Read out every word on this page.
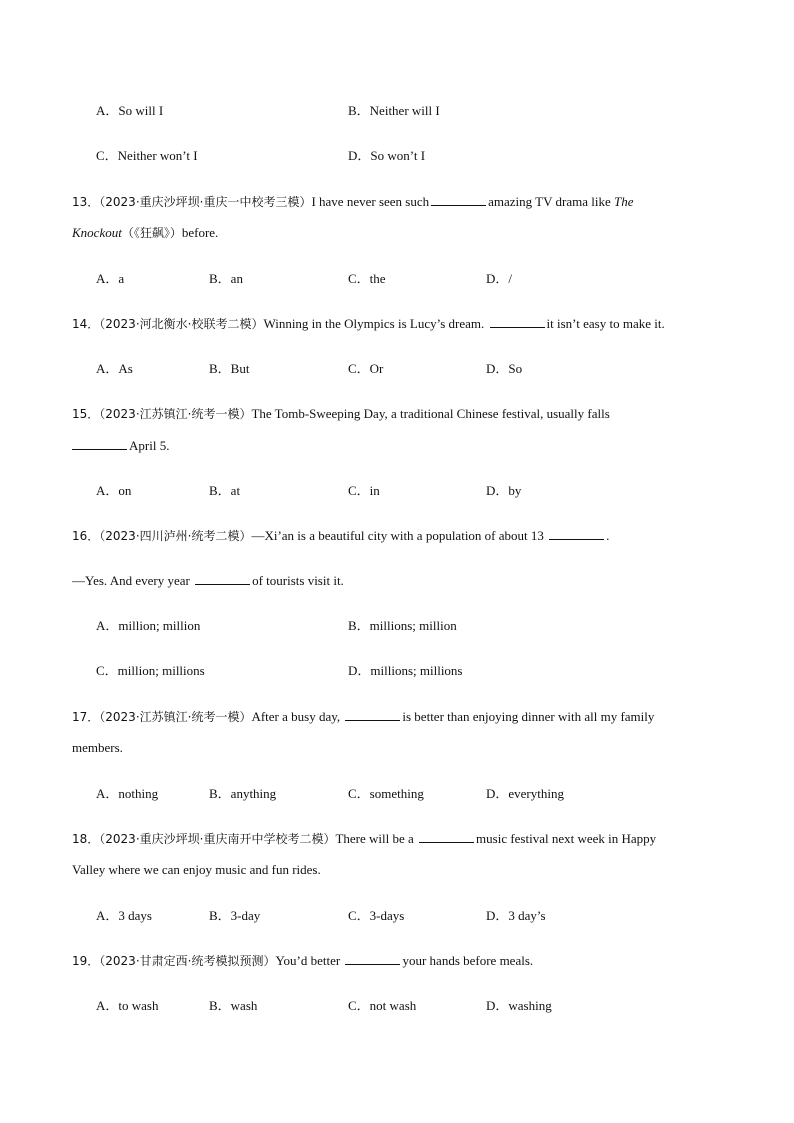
A．So will I	B．Neither will I
C．Neither won’t I	D．So won’t I
13．（2023·重庆沙坪坝·重庆一中校考三模）I have never seen such	amazing TV drama like The
Knockout（《狂飙》）before.
A．a	B．an	C．the	D．/
14．（2023·河北衡水·校联考二模）Winning in the Olympics is Lucy’s dream.	it isn’t easy to make it.
A．As	B．But	C．Or	D．So
15．（2023·江苏镇江·统考一模）The Tomb-Sweeping Day, a traditional Chinese festival, usually falls
April 5.
A．on	B．at	C．in	D．by
16．（2023·四川泸州·统考二模）—Xi’an is a beautiful city with a population of about 13	.
—Yes. And every year	of tourists visit it.
A．million; million	B．millions; million
C．million; millions	D．millions; millions
17．（2023·江苏镇江·统考一模）After a busy day,	is better than enjoying dinner with all my family
members.
A．nothing	B．anything	C．something	D．everything
18．（2023·重庆沙坪坝·重庆南开中学校考二模）There will be a	music festival next week in Happy
Valley where we can enjoy music and fun rides.
A．3 days	B．3-day	C．3-days	D．3 day’s
19．（2023·甘肃定西·统考模拟预测）You’d better	your hands before meals.
A．to wash	B．wash	C．not wash	D．washing
